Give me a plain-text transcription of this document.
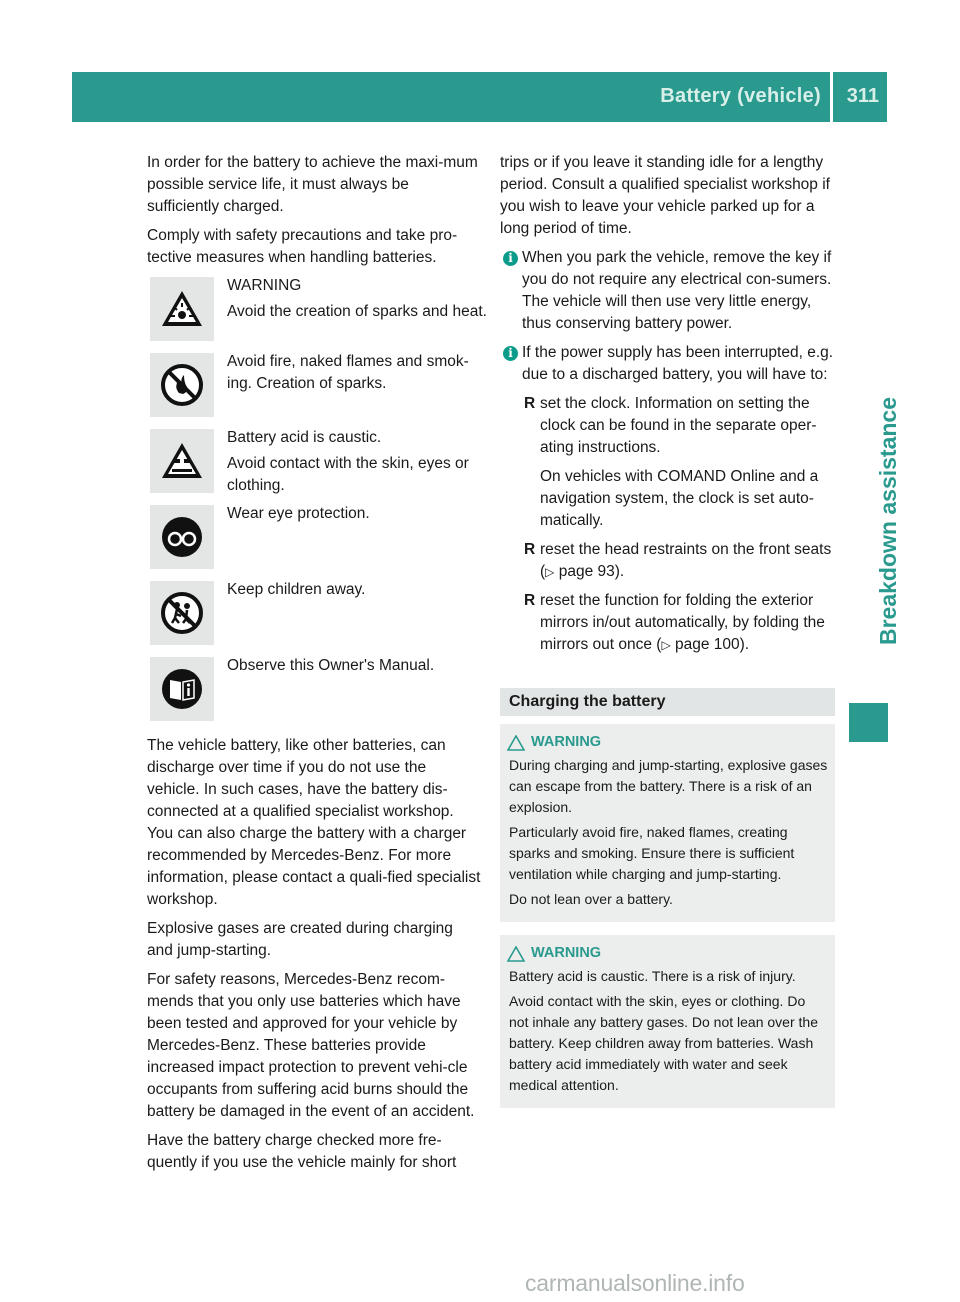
Battery (vehicle) 311
Breakdown assistance

In order for the battery to achieve the maxi-mum possible service life, it must always be sufficiently charged.

Comply with safety precautions and take pro-tective measures when handling batteries.

WARNING

Avoid the creation of sparks and heat.

Avoid fire, naked flames and smok-ing. Creation of sparks.

Battery acid is caustic.

Avoid contact with the skin, eyes or clothing.

Wear eye protection.

Keep children away.

Observe this Owner's Manual.

The vehicle battery, like other batteries, can discharge over time if you do not use the vehicle. In such cases, have the battery dis-connected at a qualified specialist workshop. You can also charge the battery with a charger recommended by Mercedes-Benz. For more information, please contact a quali-fied specialist workshop.

Explosive gases are created during charging and jump-starting.

For safety reasons, Mercedes-Benz recom-mends that you only use batteries which have been tested and approved for your vehicle by Mercedes-Benz. These batteries provide increased impact protection to prevent vehi-cle occupants from suffering acid burns should the battery be damaged in the event of an accident.

Have the battery charge checked more fre-quently if you use the vehicle mainly for short

trips or if you leave it standing idle for a lengthy period. Consult a qualified specialist workshop if you wish to leave your vehicle parked up for a long period of time.

i When you park the vehicle, remove the key if you do not require any electrical con-sumers. The vehicle will then use very little energy, thus conserving battery power.
i If the power supply has been interrupted, e.g. due to a discharged battery, you will have to:
R set the clock. Information on setting the clock can be found in the separate oper-ating instructions.

On vehicles with COMAND Online and a navigation system, the clock is set auto-matically.

R reset the head restraints on the front seats (▷ page 93).
R reset the function for folding the exterior mirrors in/out automatically, by folding the mirrors out once (▷ page 100).
Charging the battery
WARNING

During charging and jump-starting, explosive gases can escape from the battery. There is a risk of an explosion.

Particularly avoid fire, naked flames, creating sparks and smoking. Ensure there is sufficient ventilation while charging and jump-starting.

Do not lean over a battery.

WARNING

Battery acid is caustic. There is a risk of injury.

Avoid contact with the skin, eyes or clothing. Do not inhale any battery gases. Do not lean over the battery. Keep children away from batteries. Wash battery acid immediately with water and seek medical attention.

carmanualsonline.info
